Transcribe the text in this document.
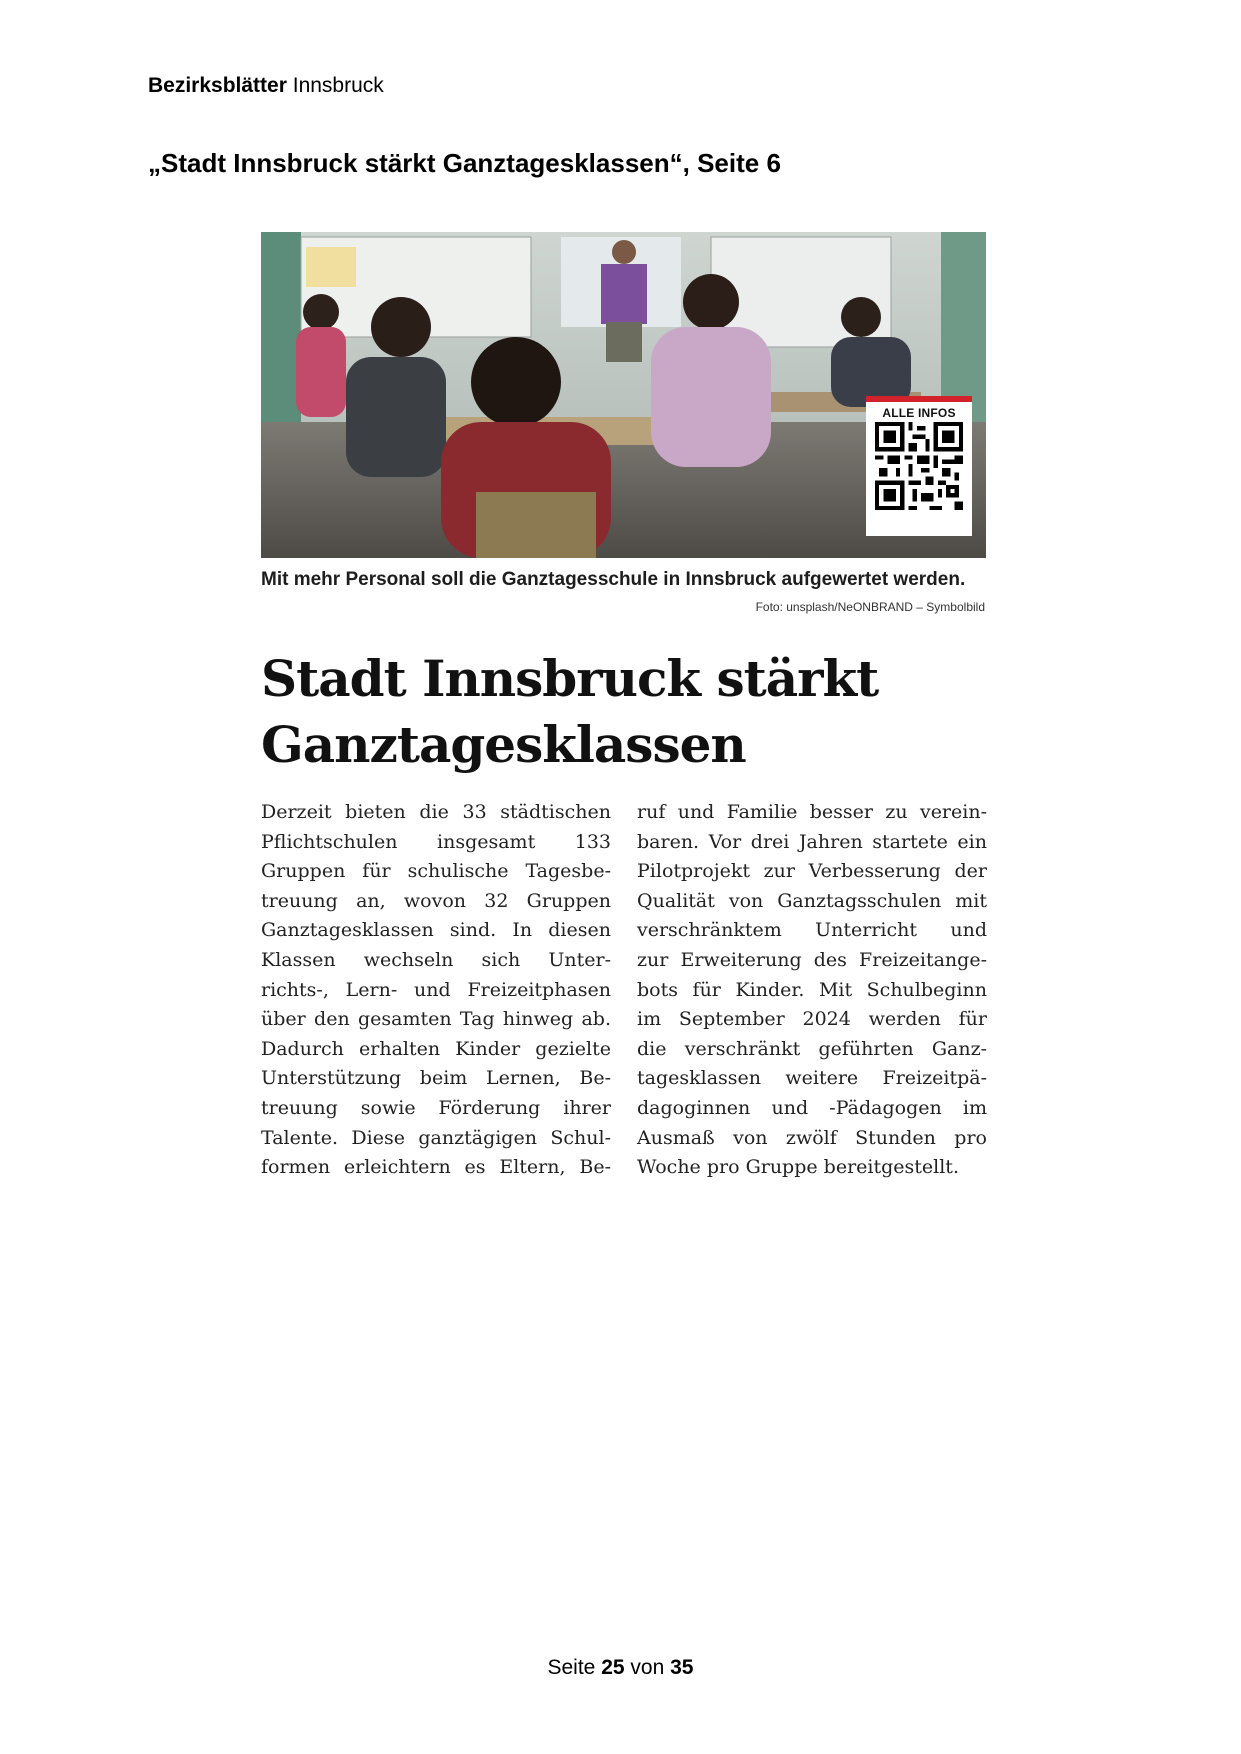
Bezirksblätter Innsbruck
„Stadt Innsbruck stärkt Ganztagesklassen“, Seite 6
ALLE INFOS
Mit mehr Personal soll die Ganztagesschule in Innsbruck aufgewertet werden.
Foto: unsplash/NeONBRAND – Symbolbild
Stadt Innsbruck stärkt
Ganztagesklassen
Derzeit bieten die 33 städtischen
Pflichtschulen insgesamt 133
Gruppen für schulische Tagesbe-
treuung an, wovon 32 Gruppen
Ganztagesklassen sind. In diesen
Klassen wechseln sich Unter-
richts-, Lern- und Freizeitphasen
über den gesamten Tag hinweg ab.
Dadurch erhalten Kinder gezielte
Unterstützung beim Lernen, Be-
treuung sowie Förderung ihrer
Talente. Diese ganztägigen Schul-
formen erleichtern es Eltern, Be-
ruf und Familie besser zu verein-
baren. Vor drei Jahren startete ein
Pilotprojekt zur Verbesserung der
Qualität von Ganztagsschulen mit
verschränktem Unterricht und
zur Erweiterung des Freizeitange-
bots für Kinder. Mit Schulbeginn
im September 2024 werden für
die verschränkt geführten Ganz-
tagesklassen weitere Freizeitpä-
dagoginnen und -Pädagogen im
Ausmaß von zwölf Stunden pro
Woche pro Gruppe bereitgestellt.
Seite 25 von 35
